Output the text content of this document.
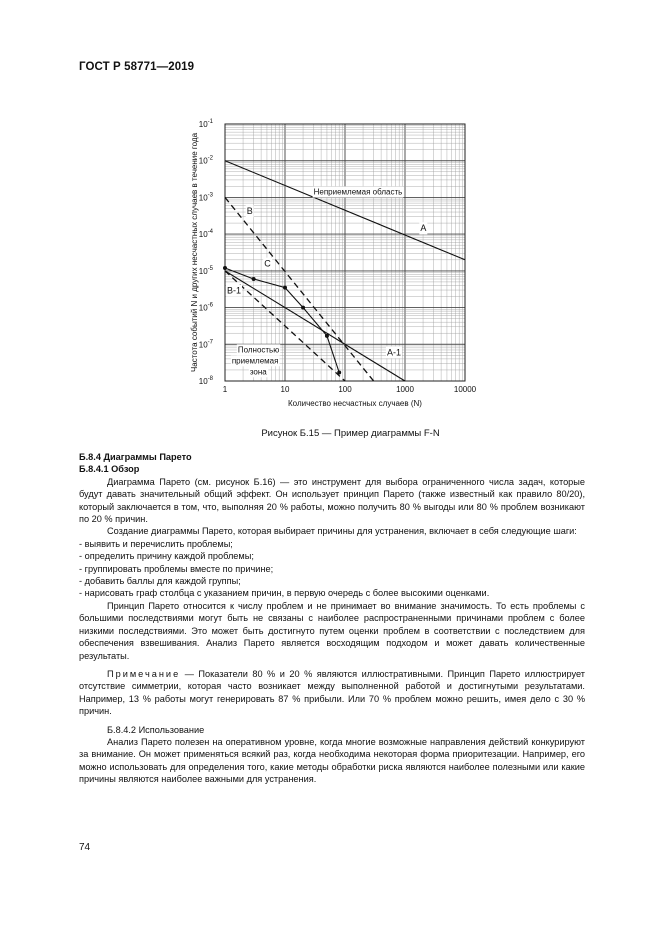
ГОСТ Р 58771—2019
1	10	100	1000	10000
$10^{-1}$
$10^{-2}$
$10^{-3}$
$10^{-4}$
$10^{-5}$
$10^{-6}$
$10^{-7}$
$10^{-8}$
Количество несчастных случаев (N)
Частота событий N и других несчастных случаев в течение года	Неприемлемая область
A
A-1
B
B-1
C
Полностью
приемлемая
зона
Рисунок Б.15 — Пример диаграммы F-N

Б.8.4 Диаграммы Парето

Б.8.4.1 Обзор

Диаграмма Парето (см. рисунок Б.16) — это инструмент для выбора ограниченного числа задач, которые будут давать значительный общий эффект. Он использует принцип Парето (также известный как правило 80/20), который заключается в том, что, выполняя 20 % работы, можно получить 80 % выгоды или 80 % проблем возникают по 20 % причин.

Создание диаграммы Парето, которая выбирает причины для устранения, включает в себя следующие шаги:

- выявить и перечислить проблемы;
- определить причину каждой проблемы;
- группировать проблемы вместе по причине;
- добавить баллы для каждой группы;
- нарисовать граф столбца с указанием причин, в первую очередь с более высокими оценками.

Принцип Парето относится к числу проблем и не принимает во внимание значимость. То есть проблемы с большими последствиями могут быть не связаны с наиболее распространенными причинами проблем с более низкими последствиями. Это может быть достигнуто путем оценки проблем в соответствии с последствием для обеспечения взвешивания. Анализ Парето является восходящим подходом и может давать количественные результаты.

Примечание — Показатели 80 % и 20 % являются иллюстративными. Принцип Парето иллюстрирует отсутствие симметрии, которая часто возникает между выполненной работой и достигнутыми результатами. Например, 13 % работы могут генерировать 87 % прибыли. Или 70 % проблем можно решить, имея дело с 30 % причин.

Б.8.4.2 Использование

Анализ Парето полезен на оперативном уровне, когда многие возможные направления действий конкурируют за внимание. Он может применяться всякий раз, когда необходима некоторая форма приоритезации. Например, его можно использовать для определения того, какие методы обработки риска являются наиболее полезными или какие причины являются наиболее важными для устранения.

74
